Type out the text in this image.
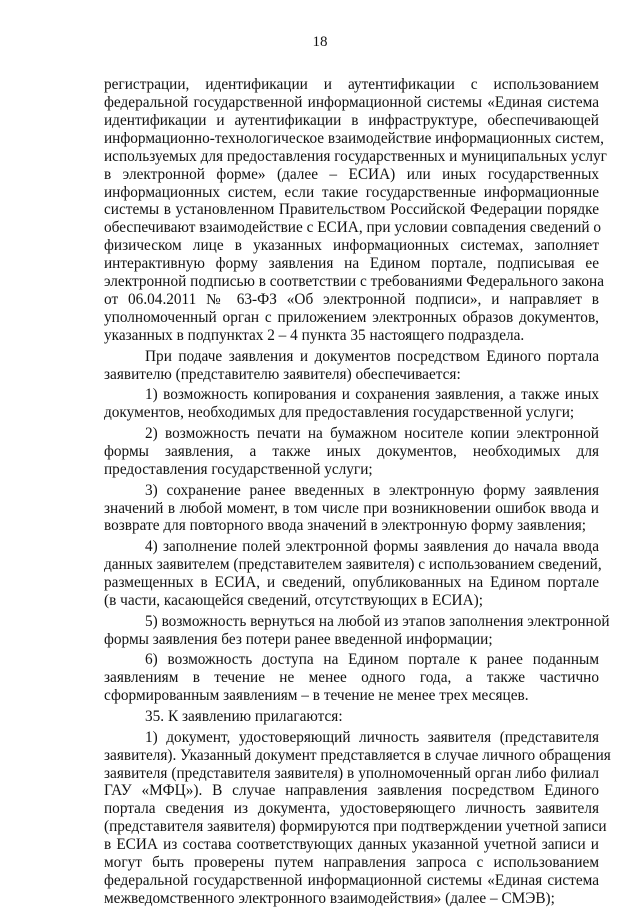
18
регистрации, идентификации и аутентификации с использованием
федеральной государственной информационной системы «Единая система
идентификации и аутентификации в инфраструктуре, обеспечивающей
информационно-технологическое взаимодействие информационных систем,
используемых для предоставления государственных и муниципальных услуг
в электронной форме» (далее – ЕСИА) или иных государственных
информационных систем, если такие государственные информационные
системы в установленном Правительством Российской Федерации порядке
обеспечивают взаимодействие с ЕСИА, при условии совпадения сведений о
физическом лице в указанных информационных системах, заполняет
интерактивную форму заявления на Едином портале, подписывая ее
электронной подписью в соответствии с требованиями Федерального закона
от 06.04.2011 № 63-ФЗ «Об электронной подписи», и направляет в
уполномоченный орган с приложением электронных образов документов,
указанных в подпунктах 2 – 4 пункта 35 настоящего подраздела.
При подаче заявления и документов посредством Единого портала
заявителю (представителю заявителя) обеспечивается:
1) возможность копирования и сохранения заявления, а также иных
документов, необходимых для предоставления государственной услуги;
2) возможность печати на бумажном носителе копии электронной
формы заявления, а также иных документов, необходимых для
предоставления государственной услуги;
3) сохранение ранее введенных в электронную форму заявления
значений в любой момент, в том числе при возникновении ошибок ввода и
возврате для повторного ввода значений в электронную форму заявления;
4) заполнение полей электронной формы заявления до начала ввода
данных заявителем (представителем заявителя) с использованием сведений,
размещенных в ЕСИА, и сведений, опубликованных на Едином портале
(в части, касающейся сведений, отсутствующих в ЕСИА);
5) возможность вернуться на любой из этапов заполнения электронной
формы заявления без потери ранее введенной информации;
6) возможность доступа на Едином портале к ранее поданным
заявлениям в течение не менее одного года, а также частично
сформированным заявлениям – в течение не менее трех месяцев.
35. К заявлению прилагаются:
1) документ, удостоверяющий личность заявителя (представителя
заявителя). Указанный документ представляется в случае личного обращения
заявителя (представителя заявителя) в уполномоченный орган либо филиал
ГАУ «МФЦ»). В случае направления заявления посредством Единого
портала сведения из документа, удостоверяющего личность заявителя
(представителя заявителя) формируются при подтверждении учетной записи
в ЕСИА из состава соответствующих данных указанной учетной записи и
могут быть проверены путем направления запроса с использованием
федеральной государственной информационной системы «Единая система
межведомственного электронного взаимодействия» (далее – СМЭВ);
